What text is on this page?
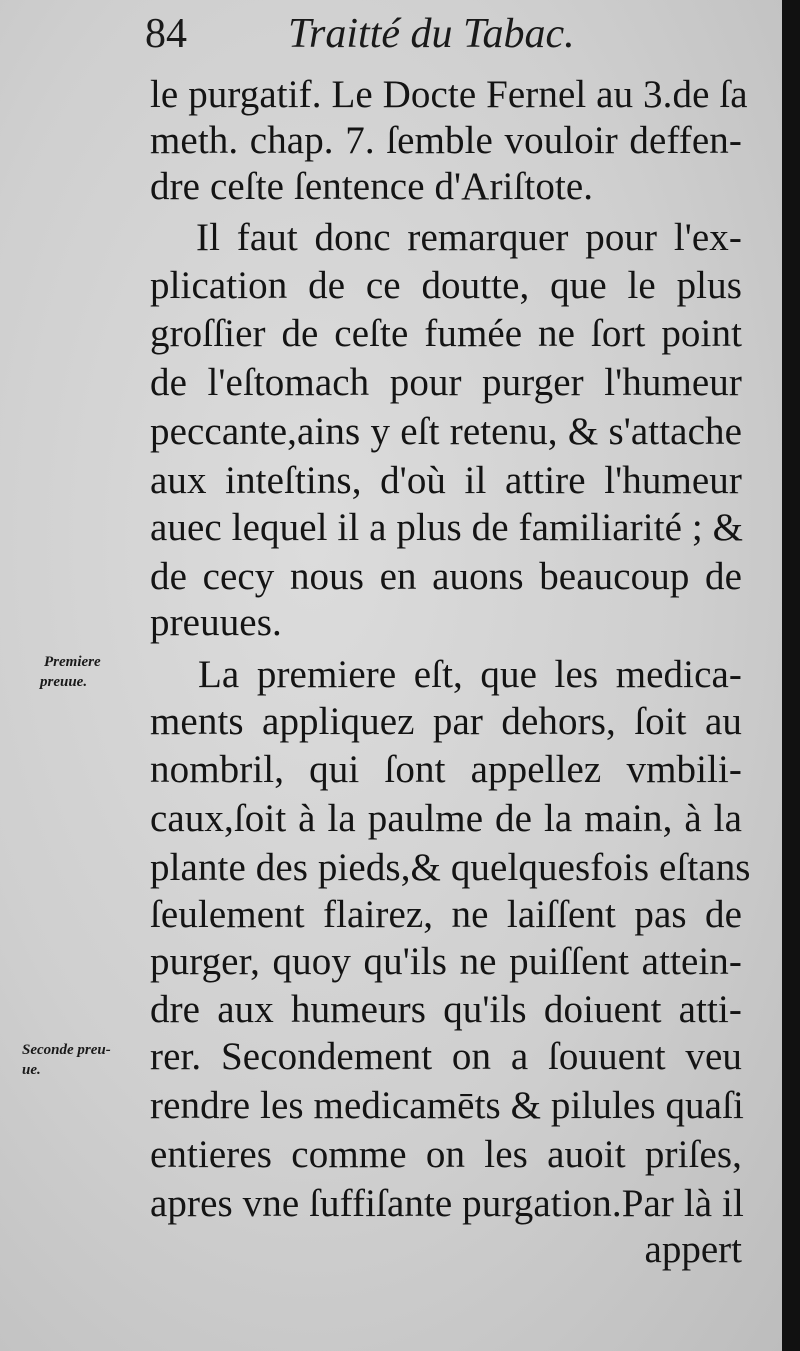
84 Traitté du Tabac.
le purgatif. Le Docte Fernel au 3.de ſa
meth. chap. 7. ſemble vouloir deffen-
dre ceſte ſentence d'Ariſtote.
Il faut donc remarquer pour l'ex-
plication de ce doutte, que le plus
groſſier de ceſte fumée ne ſort point
de l'eſtomach pour purger l'humeur
peccante,ains y eſt retenu, & s'attache
aux inteſtins, d'où il attire l'humeur
auec lequel il a plus de familiarité ; &
de cecy nous en auons beaucoup de
preuues.
La premiere eſt, que les medica-
ments appliquez par dehors, ſoit au
nombril, qui ſont appellez vmbili-
caux,ſoit à la paulme de la main, à la
plante des pieds,& quelquesfois eſtans
ſeulement flairez, ne laiſſent pas de
purger, quoy qu'ils ne puiſſent attein-
dre aux humeurs qu'ils doiuent atti-
rer. Secondement on a ſouuent veu
rendre les medicamēts & pilules quaſi
entieres comme on les auoit priſes,
apres vne ſuffiſante purgation.Par là il
appert
Premiere
preuue.
Seconde preu-
ue.
